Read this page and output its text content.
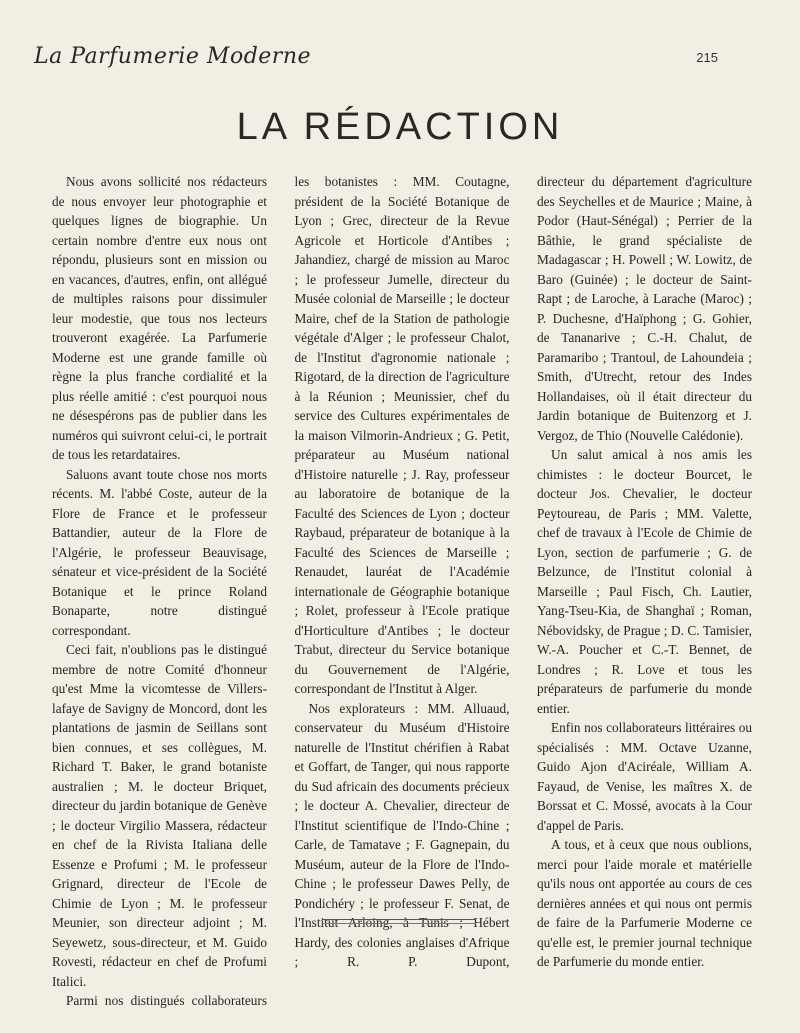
La Parfumerie Moderne	215
LA RÉDACTION

Nous avons sollicité nos rédacteurs de nous envoyer leur photographie et quelques lignes de biographie. Un certain nombre d'entre eux nous ont répondu, plusieurs sont en mission ou en vacances, d'autres, enfin, ont allégué de multiples raisons pour dissimuler leur modestie, que tous nos lecteurs trouveront exagérée. La Parfumerie Moderne est une grande famille où règne la plus franche cordialité et la plus réelle amitié : c'est pourquoi nous ne désespérons pas de publier dans les numéros qui suivront celui-ci, le portrait de tous les retardataires.

Saluons avant toute chose nos morts récents. M. l'abbé Coste, auteur de la Flore de France et le professeur Battandier, auteur de la Flore de l'Algérie, le professeur Beauvisage, sénateur et vice-président de la Société Botanique et le prince Roland Bonaparte, notre distingué correspondant.

Ceci fait, n'oublions pas le distingué membre de notre Comité d'honneur qu'est Mme la vicomtesse de Villers-lafaye de Savigny de Moncord, dont les plantations de jasmin de Seillans sont bien connues, et ses collègues, M. Richard T. Baker, le grand botaniste australien ; M. le docteur Briquet, directeur du jardin botanique de Genève ; le docteur Virgilio Massera, rédacteur en chef de la Rivista Italiana delle Essenze e Profumi ; M. le professeur Grignard, directeur de l'Ecole de Chimie de Lyon ; M. le professeur Meunier, son directeur adjoint ; M. Seyewetz, sous-directeur, et M. Guido Rovesti, rédacteur en chef de Profumi Italici.

Parmi nos distingués collaborateurs

les botanistes : MM. Coutagne, président de la Société Botanique de Lyon ; Grec, directeur de la Revue Agricole et Horticole d'Antibes ; Jahandiez, chargé de mission au Maroc ; le professeur Jumelle, directeur du Musée colonial de Marseille ; le docteur Maire, chef de la Station de pathologie végétale d'Alger ; le professeur Chalot, de l'Institut d'agronomie nationale ; Rigotard, de la direction de l'agriculture à la Réunion ; Meunissier, chef du service des Cultures expérimentales de la maison Vilmorin-Andrieux ; G. Petit, préparateur au Muséum national d'Histoire naturelle ; J. Ray, professeur au laboratoire de botanique de la Faculté des Sciences de Lyon ; docteur Raybaud, préparateur de botanique à la Faculté des Sciences de Marseille ; Renaudet, lauréat de l'Académie internationale de Géographie botanique ; Rolet, professeur à l'Ecole pratique d'Horticulture d'Antibes ; le docteur Trabut, directeur du Service botanique du Gouvernement de l'Algérie, correspondant de l'Institut à Alger.

Nos explorateurs : MM. Alluaud, conservateur du Muséum d'Histoire naturelle de l'Institut chérifien à Rabat et Goffart, de Tanger, qui nous rapporte du Sud africain des documents précieux ; le docteur A. Chevalier, directeur de l'Institut scientifique de l'Indo-Chine ; Carle, de Tamatave ; F. Gagnepain, du Muséum, auteur de la Flore de l'Indo-Chine ; le professeur Dawes Pelly, de Pondichéry ; le professeur F. Senat, de l'Institut Arloing, à Tunis ; Hébert Hardy, des colonies anglaises d'Afrique ; R. P. Dupont,

directeur du département d'agriculture des Seychelles et de Maurice ; Maine, à Podor (Haut-Sénégal) ; Perrier de la Bâthie, le grand spécialiste de Madagascar ; H. Powell ; W. Lowitz, de Baro (Guinée) ; le docteur de Saint-Rapt ; de Laroche, à Larache (Maroc) ; P. Duchesne, d'Haïphong ; G. Gohier, de Tananarive ; C.-H. Chalut, de Paramaribo ; Trantoul, de Lahoundeia ; Smith, d'Utrecht, retour des Indes Hollandaises, où il était directeur du Jardin botanique de Buitenzorg et J. Vergoz, de Thio (Nouvelle Calédonie).

Un salut amical à nos amis les chimistes : le docteur Bourcet, le docteur Jos. Chevalier, le docteur Peytoureau, de Paris ; MM. Valette, chef de travaux à l'Ecole de Chimie de Lyon, section de parfumerie ; G. de Belzunce, de l'Institut colonial à Marseille ; Paul Fisch, Ch. Lautier, Yang-Tseu-Kia, de Shanghaï ; Roman, Nébovidsky, de Prague ; D. C. Tamisier, W.-A. Poucher et C.-T. Bennet, de Londres ; R. Love et tous les préparateurs de parfumerie du monde entier.

Enfin nos collaborateurs littéraires ou spécialisés : MM. Octave Uzanne, Guido Ajon d'Aciréale, William A. Fayaud, de Venise, les maîtres X. de Borssat et C. Mossé, avocats à la Cour d'appel de Paris.

A tous, et à ceux que nous oublions, merci pour l'aide morale et matérielle qu'ils nous ont apportée au cours de ces dernières années et qui nous ont permis de faire de la Parfumerie Moderne ce qu'elle est, le premier journal technique de Parfumerie du monde entier.
